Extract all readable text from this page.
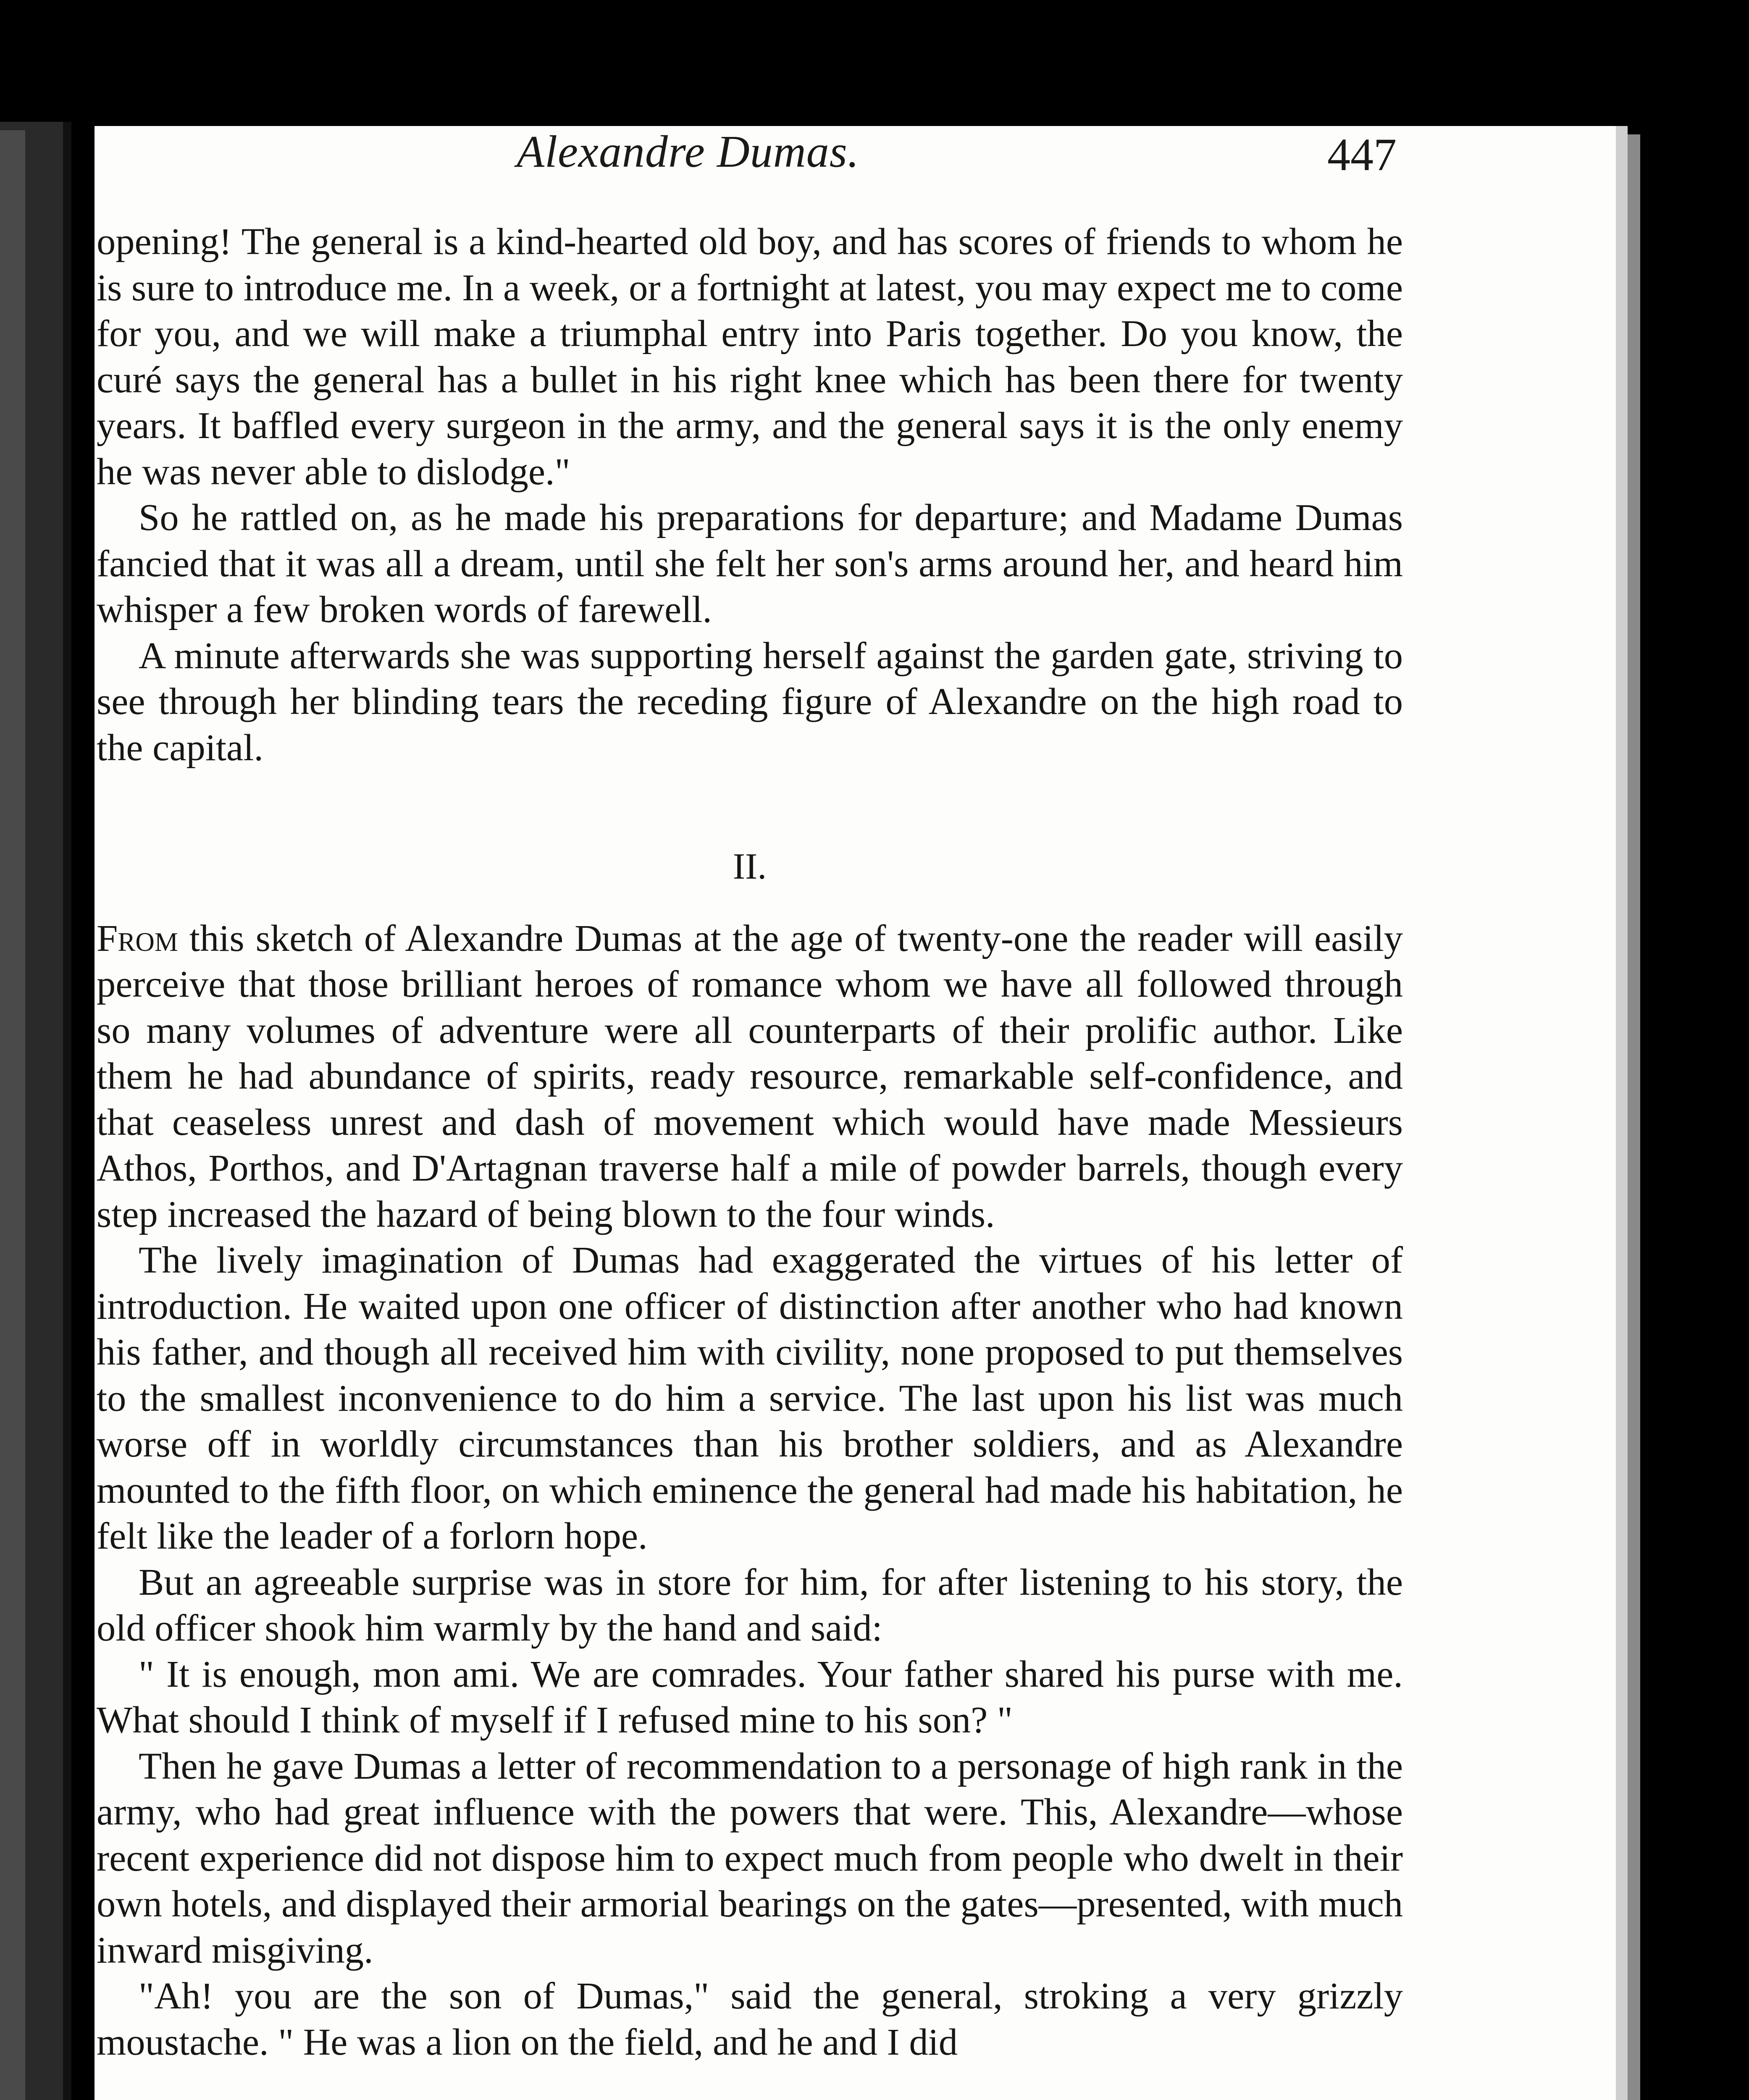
Alexandre Dumas.	447

opening! The general is a kind-hearted old boy, and has scores of friends to whom he is sure to introduce me. In a week, or a fortnight at latest, you may expect me to come for you, and we will make a triumphal entry into Paris together. Do you know, the curé says the general has a bullet in his right knee which has been there for twenty years. It baffled every surgeon in the army, and the general says it is the only enemy he was never able to dislodge."

So he rattled on, as he made his preparations for departure; and Madame Dumas fancied that it was all a dream, until she felt her son's arms around her, and heard him whisper a few broken words of farewell.

A minute afterwards she was supporting herself against the garden gate, striving to see through her blinding tears the receding figure of Alexandre on the high road to the capital.

II.

From this sketch of Alexandre Dumas at the age of twenty-one the reader will easily perceive that those brilliant heroes of romance whom we have all followed through so many volumes of adventure were all counterparts of their prolific author. Like them he had abundance of spirits, ready resource, remarkable self-confidence, and that ceaseless unrest and dash of movement which would have made Messieurs Athos, Porthos, and D'Artagnan traverse half a mile of powder barrels, though every step increased the hazard of being blown to the four winds.

The lively imagination of Dumas had exaggerated the virtues of his letter of introduction. He waited upon one officer of distinction after another who had known his father, and though all received him with civility, none proposed to put themselves to the smallest inconvenience to do him a service. The last upon his list was much worse off in worldly circumstances than his brother soldiers, and as Alexandre mounted to the fifth floor, on which eminence the general had made his habitation, he felt like the leader of a forlorn hope.

But an agreeable surprise was in store for him, for after listening to his story, the old officer shook him warmly by the hand and said:

" It is enough, mon ami. We are comrades. Your father shared his purse with me. What should I think of myself if I refused mine to his son? "

Then he gave Dumas a letter of recommendation to a personage of high rank in the army, who had great influence with the powers that were. This, Alexandre—whose recent experience did not dispose him to expect much from people who dwelt in their own hotels, and displayed their armorial bearings on the gates—presented, with much inward misgiving.

"Ah! you are the son of Dumas," said the general, stroking a very grizzly moustache. " He was a lion on the field, and he and I did
